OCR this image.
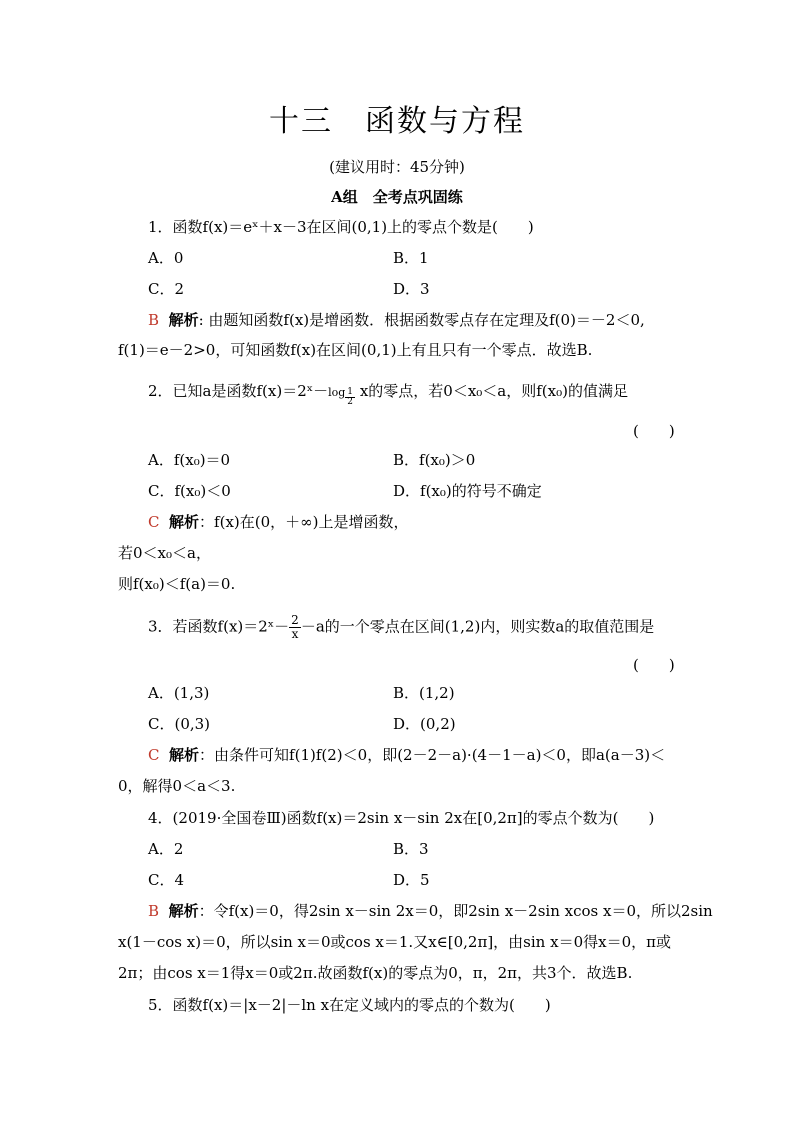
十三　函数与方程
(建议用时：45分钟)
A组　全考点巩固练
1．函数f(x)＝eˣ＋x－3在区间(0,1)上的零点个数是(　　)
A．0	B．1
C．2	D．3
B 解析: 由题知函数f(x)是增函数．根据函数零点存在定理及f(0)＝－2＜0,
f(1)＝e－2>0，可知函数f(x)在区间(0,1)上有且只有一个零点．故选B.
2．已知a是函数f(x)＝2ˣ－log $\frac{1}{2}$ x的零点，若0＜x₀＜a，则f(x₀)的值满足
(　　)
A．f(x₀)＝0	B．f(x₀)＞0
C．f(x₀)＜0	D．f(x₀)的符号不确定
C 解析：f(x)在(0，＋∞)上是增函数，
若0＜x₀＜a，
则f(x₀)＜f(a)＝0.
3．若函数f(x)＝2ˣ－ $\frac{2}{x} -a$的一个零点在区间(1,2)内，则实数a的取值范围是
(　　)
A．(1,3)	B．(1,2)
C．(0,3)	D．(0,2)
C 解析：由条件可知f(1)f(2)＜0，即(2－2－a)·(4－1－a)＜0，即a(a－3)＜
0，解得0＜a＜3.
4．(2019·全国卷Ⅲ)函数f(x)＝2sin x－sin 2x在[0,2π]的零点个数为(　　)
A．2	B．3
C．4	D．5
B 解析：令f(x)＝0，得2sin x－sin 2x＝0，即2sin x－2sin xcos x＝0，所以2sin
x(1－cos x)＝0，所以sin x＝0或cos x＝1.又x∈[0,2π]，由sin x＝0得x＝0，π或
2π；由cos x＝1得x＝0或2π.故函数f(x)的零点为0，π，2π，共3个．故选B.
5．函数f(x)＝|x－2|－ln x在定义域内的零点的个数为(　　)
